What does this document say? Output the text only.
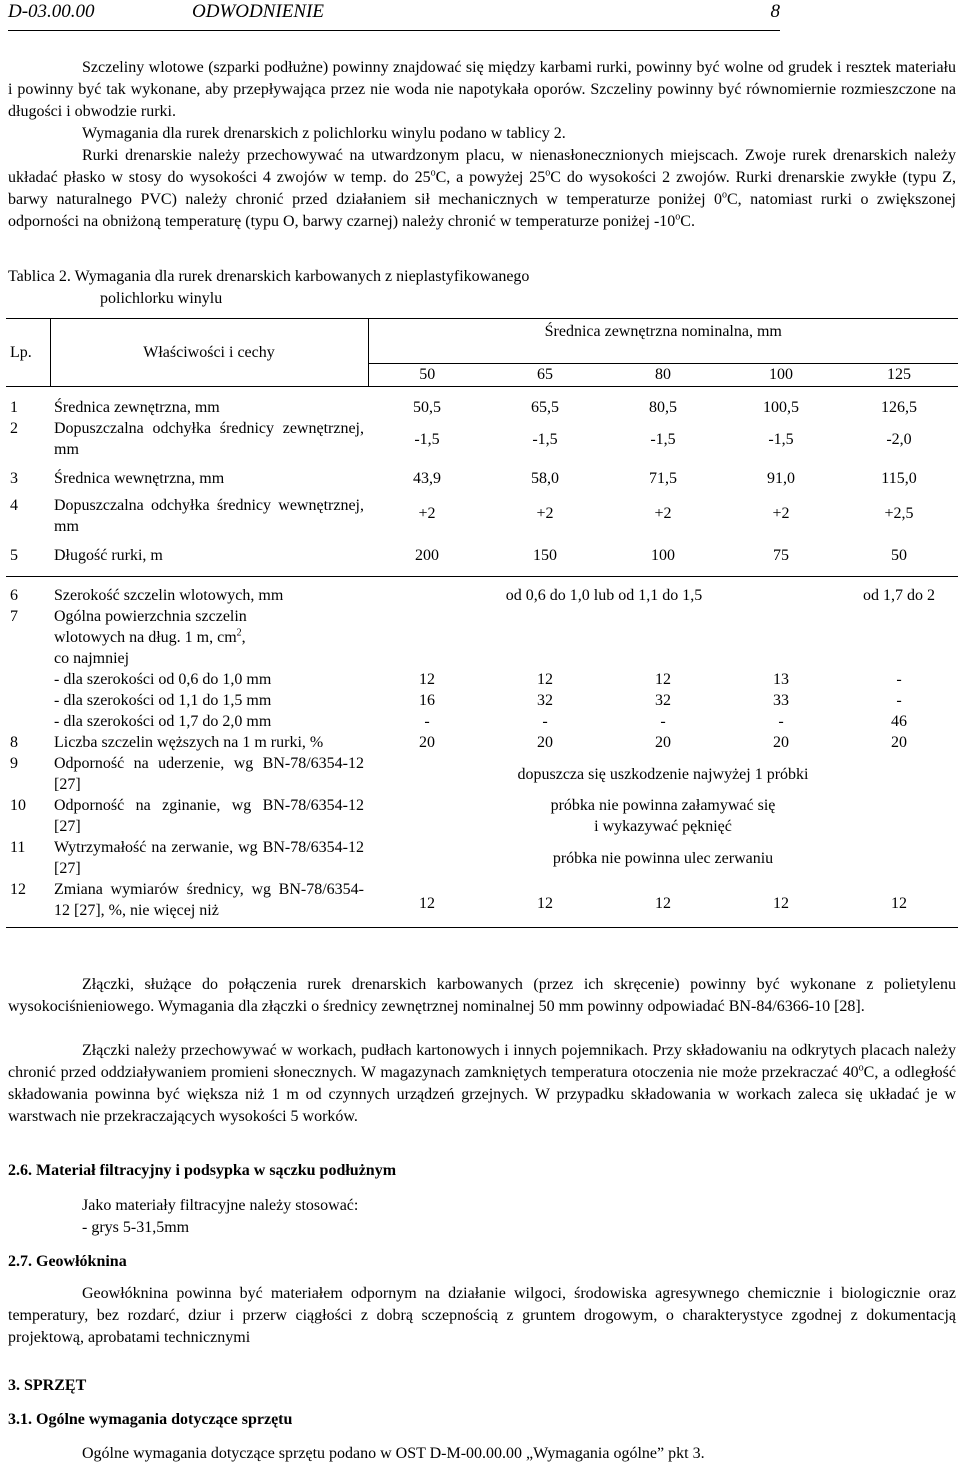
D-03.00.00	ODWODNIENIE	8

Szczeliny wlotowe (szparki podłużne) powinny znajdować się między karbami rurki, powinny być wolne od grudek i resztek materiału i powinny być tak wykonane, aby przepływająca przez nie woda nie napotykała oporów. Szczeliny powinny być równomiernie rozmieszczone na długości i obwodzie rurki.

Wymagania dla rurek drenarskich z polichlorku winylu podano w tablicy 2.

Rurki drenarskie należy przechowywać na utwardzonym placu, w nienasłonecznionych miejscach. Zwoje rurek drenarskich należy układać płasko w stosy do wysokości 4 zwojów w temp. do 25$^o$C, a powyżej 25$^o$C do wysokości 2 zwojów. Rurki drenarskie zwykłe (typu Z, barwy naturalnego PVC) należy chronić przed działaniem sił mechanicznych w temperaturze poniżej 0$^o$C, natomiast rurki o zwiększonej odporności na obniżoną temperaturę (typu O, barwy czarnej) należy chronić w temperaturze poniżej -10$^o$C.

Tablica 2. Wymagania dla rurek drenarskich karbowanych z nieplastyfikowanego
polichlorku winylu
Lp.	Właściwości i cechy	Średnica zewnętrzna nominalna, mm				
		50	65	80	100	125
1	Średnica zewnętrzna, mm	50,5	65,5	80,5	100,5	126,5
2	Dopuszczalna odchyłka średnicy zewnętrznej, mm	-1,5	-1,5	-1,5	-1,5	-2,0
3	Średnica wewnętrzna, mm	43,9	58,0	71,5	91,0	115,0
4	Dopuszczalna odchyłka średnicy wewnętrznej, mm	+2	+2	+2	+2	+2,5
5	Długość rurki, m	200	150	100	75	50
6	Szerokość szczelin wlotowych, mm	od 0,6 do 1,0 lub od 1,1 do 1,5				od 1,7 do 2
7	Ogólna powierzchnia szczelin wlotowych na dług. 1 m, $cm^2$, co najmniej					
	- dla szerokości od 0,6 do 1,0 mm	12	12	12	13	-
	- dla szerokości od 1,1 do 1,5 mm	16	32	32	33	-
	- dla szerokości od 1,7 do 2,0 mm	-	-	-	-	46
8	Liczba szczelin węższych na 1 m rurki, %	20	20	20	20	20
9	Odporność na uderzenie, wg BN-78/6354-12 [27]	dopuszcza się uszkodzenie najwyżej 1 próbki				
10	Odporność na zginanie, wg BN-78/6354-12 [27]	próbka nie powinna załamywać się
i wykazywać pęknięć				

11	Wytrzymałość na zerwanie, wg BN-78/6354-12 [27]	próbka nie powinna ulec zerwaniu				
12	Zmiana wymiarów średnicy, wg BN-78/6354-12 [27], %, nie więcej niż	12	12	12	12	12

Złączki, służące do połączenia rurek drenarskich karbowanych (przez ich skręcenie) powinny być wykonane z polietylenu wysokociśnieniowego. Wymagania dla złączki o średnicy zewnętrznej nominalnej 50 mm powinny odpowiadać BN-84/6366-10 [28].

Złączki należy przechowywać w workach, pudłach kartonowych i innych pojemnikach. Przy składowaniu na odkrytych placach należy chronić przed oddziaływaniem promieni słonecznych. W magazynach zamkniętych temperatura otoczenia nie może przekraczać 40$^o$C, a odległość składowania powinna być większa niż 1 m od czynnych urządzeń grzejnych. W przypadku składowania w workach zaleca się układać je w warstwach nie przekraczających wysokości 5 worków.

2.6. Materiał filtracyjny i podsypka w sączku podłużnym

Jako materiały filtracyjne należy stosować:

- grys 5-31,5mm

2.7. Geowłóknina

Geowłóknina powinna być materiałem odpornym na działanie wilgoci, środowiska agresywnego chemicznie i biologicznie oraz temperatury, bez rozdarć, dziur i przerw ciągłości z dobrą sczepnością z gruntem drogowym, o charakterystyce zgodnej z dokumentacją projektową, aprobatami technicznymi

3. SPRZĘT

3.1. Ogólne wymagania dotyczące sprzętu

Ogólne wymagania dotyczące sprzętu podano w OST D-M-00.00.00 „Wymagania ogólne” pkt 3.
